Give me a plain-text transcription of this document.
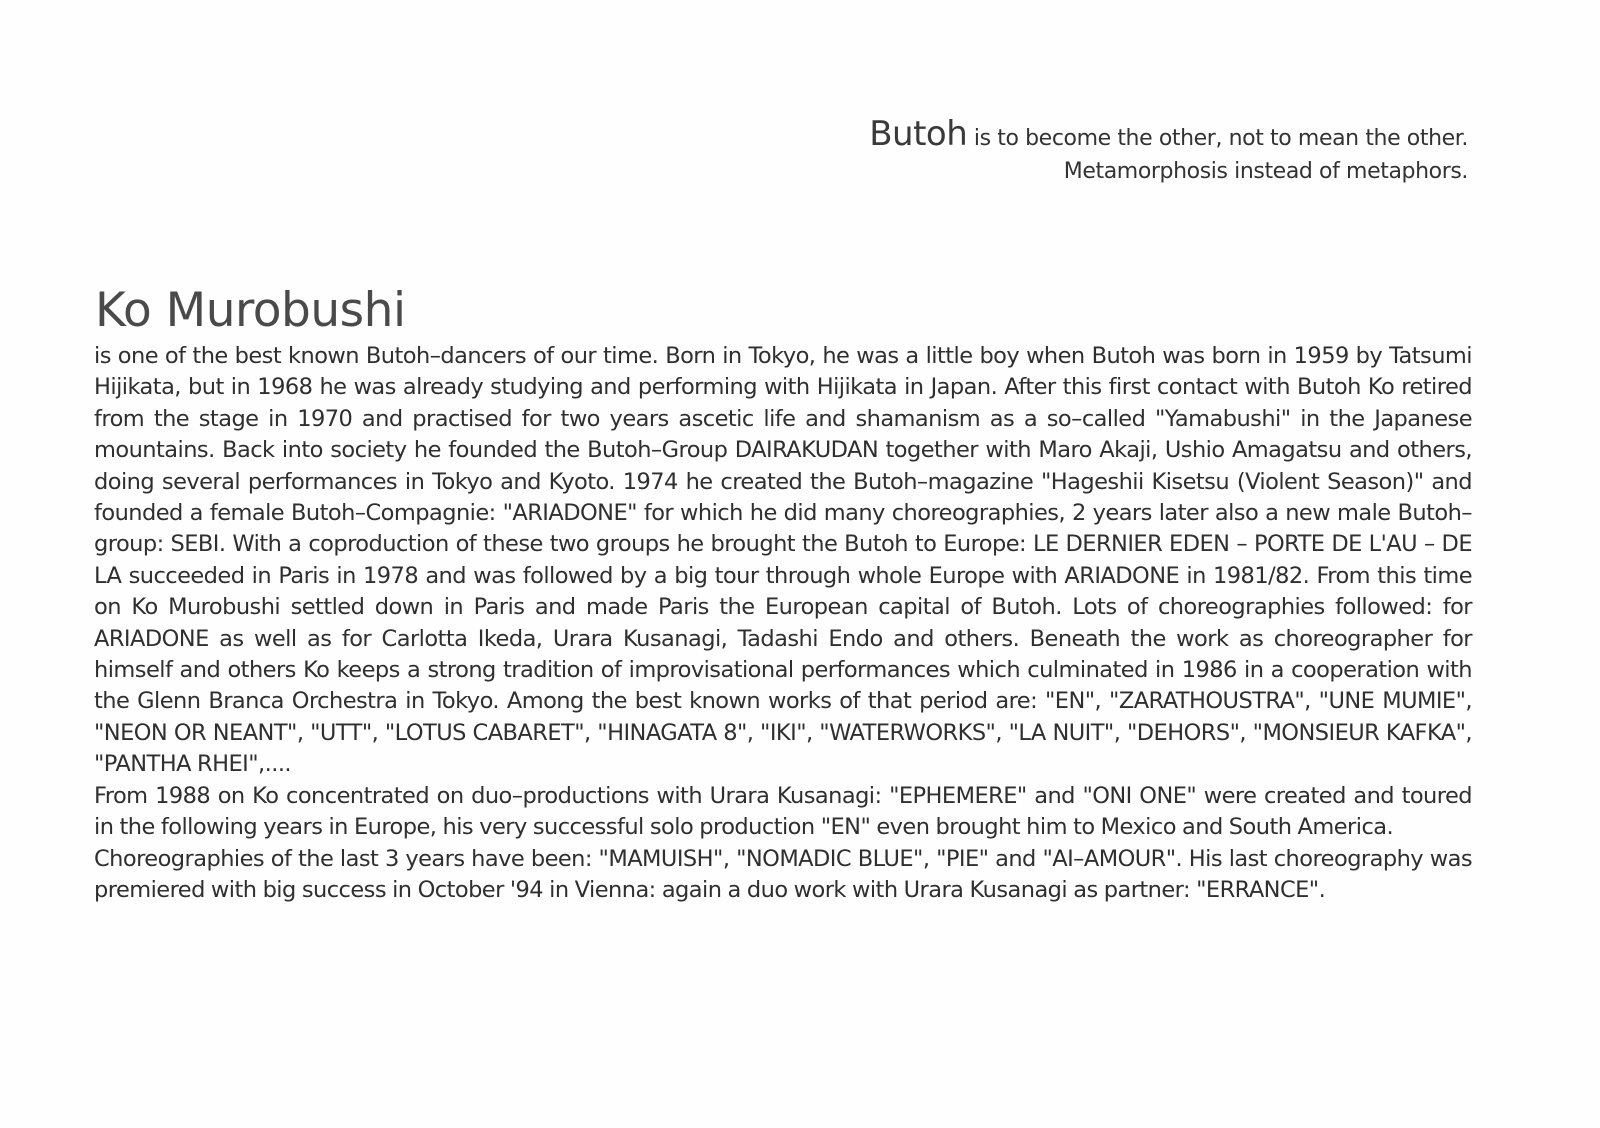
Butoh is to become the other, not to mean the other.
Metamorphosis instead of metaphors.
Ko Murobushi

is one of the best known Butoh–dancers of our time. Born in Tokyo, he was a little boy when Butoh was born in 1959 by Tatsumi Hijikata, but in 1968 he was already studying and performing with Hijikata in Japan. After this first contact with Butoh Ko retired from the stage in 1970 and practised for two years ascetic life and shamanism as a so–called "Yamabushi" in the Japanese mountains. Back into society he founded the Butoh–Group DAIRAKUDAN together with Maro Akaji, Ushio Amagatsu and others, doing several performances in Tokyo and Kyoto. 1974 he created the Butoh–magazine "Hageshii Kisetsu (Violent Season)" and founded a female Butoh–Compagnie: "ARIADONE" for which he did many choreographies, 2 years later also a new male Butoh–group: SEBI. With a coproduction of these two groups he brought the Butoh to Europe: LE DERNIER EDEN – PORTE DE L'AU – DE LA succeeded in Paris in 1978 and was followed by a big tour through whole Europe with ARIADONE in 1981/82. From this time on Ko Murobushi settled down in Paris and made Paris the European capital of Butoh. Lots of choreographies followed: for ARIADONE as well as for Carlotta Ikeda, Urara Kusanagi, Tadashi Endo and others. Beneath the work as choreographer for himself and others Ko keeps a strong tradition of improvisational performances which culminated in 1986 in a cooperation with the Glenn Branca Orchestra in Tokyo. Among the best known works of that period are: "EN", "ZARATHOUSTRA", "UNE MUMIE", "NEON OR NEANT", "UTT", "LOTUS CABARET", "HINAGATA 8", "IKI", "WATERWORKS", "LA NUIT", "DEHORS", "MONSIEUR KAFKA", "PANTHA RHEI",....

From 1988 on Ko concentrated on duo–productions with Urara Kusanagi: "EPHEMERE" and "ONI ONE" were created and toured in the following years in Europe, his very successful solo production "EN" even brought him to Mexico and South America.

Choreographies of the last 3 years have been: "MAMUISH", "NOMADIC BLUE", "PIE" and "AI–AMOUR". His last choreography was premiered with big success in October '94 in Vienna: again a duo work with Urara Kusanagi as partner: "ERRANCE".
